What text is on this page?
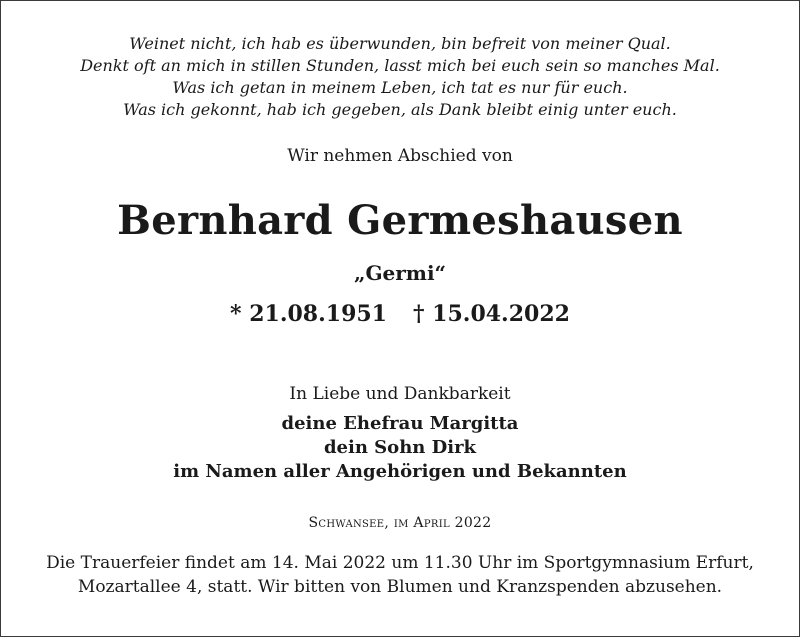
Weinet nicht, ich hab es überwunden, bin befreit von meiner Qual.
Denkt oft an mich in stillen Stunden, lasst mich bei euch sein so manches Mal.
Was ich getan in meinem Leben, ich tat es nur für euch.
Was ich gekonnt, hab ich gegeben, als Dank bleibt einig unter euch.
Wir nehmen Abschied von
Bernhard Germeshausen
„Germi“
* 21.08.1951 † 15.04.2022
In Liebe und Dankbarkeit
deine Ehefrau Margitta
dein Sohn Dirk
im Namen aller Angehörigen und Bekannten
Schwansee, im April 2022
Die Trauerfeier findet am 14. Mai 2022 um 11.30 Uhr im Sportgymnasium Erfurt,
Mozartallee 4, statt. Wir bitten von Blumen und Kranzspenden abzusehen.
